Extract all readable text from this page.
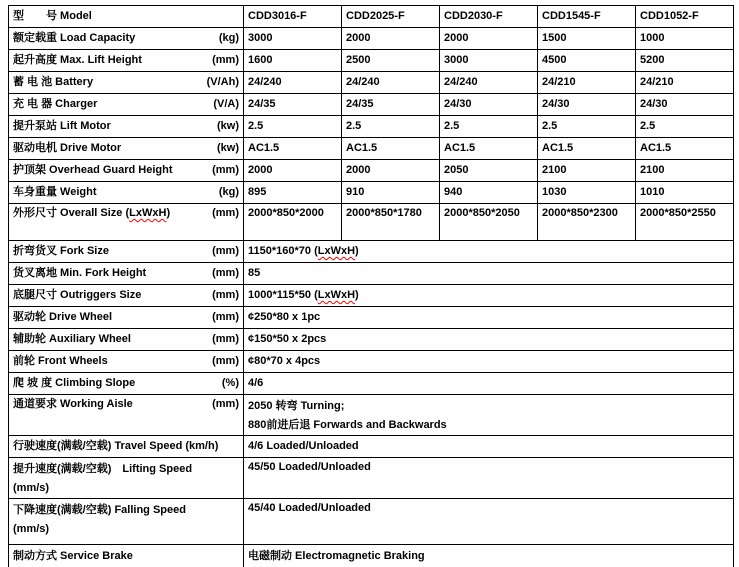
型　　号 Model	CDD3016-F	CDD2025-F	CDD2030-F	CDD1545-F	CDD1052-F

额定载重 Load Capacity (kg)	3000	2000	2000	1500	1000

起升高度 Max. Lift Height (mm)	1600	2500	3000	4500	5200

蓄 电 池 Battery (V/Ah)	24/240	24/240	24/240	24/210	24/210

充 电 器 Charger (V/A)	24/35	24/35	24/30	24/30	24/30

提升泵站 Lift Motor (kw)	2.5	2.5	2.5	2.5	2.5

驱动电机 Drive Motor (kw)	AC1.5	AC1.5	AC1.5	AC1.5	AC1.5

护顶架 Overhead Guard Height (mm)	2000	2000	2050	2100	2100

车身重量 Weight (kg)	895	910	940	1030	1010

外形尺寸 Overall Size (LxWxH) (mm)	2000*850*2000	2000*850*1780	2000*850*2050	2000*850*2300	2000*850*2550

折弯货叉 Fork Size (mm)	1150*160*70 (LxWxH)				

货叉离地 Min. Fork Height (mm)	85				

底腿尺寸 Outriggers Size (mm)	1000*115*50 (LxWxH)				

驱动轮 Drive Wheel (mm)	¢250*80 x 1pc				

辅助轮 Auxiliary Wheel (mm)	¢150*50 x 2pcs				

前轮 Front Wheels (mm)	¢80*70 x 4pcs				

爬 坡 度 Climbing Slope (%)	4/6				

通道要求 Working Aisle	(mm)	2050 转弯 Turning;
880前进后退 Forwards and Backwards

行驶速度(满载/空载) Travel Speed (km/h)	4/6 Loaded/Unloaded				

提升速度(满载/空载)　Lifting Speed
(mm/s)	45/50 Loaded/Unloaded				

下降速度(满载/空载) Falling Speed
(mm/s)	45/40 Loaded/Unloaded				

制动方式 Service Brake	电磁制动 Electromagnetic Braking				
